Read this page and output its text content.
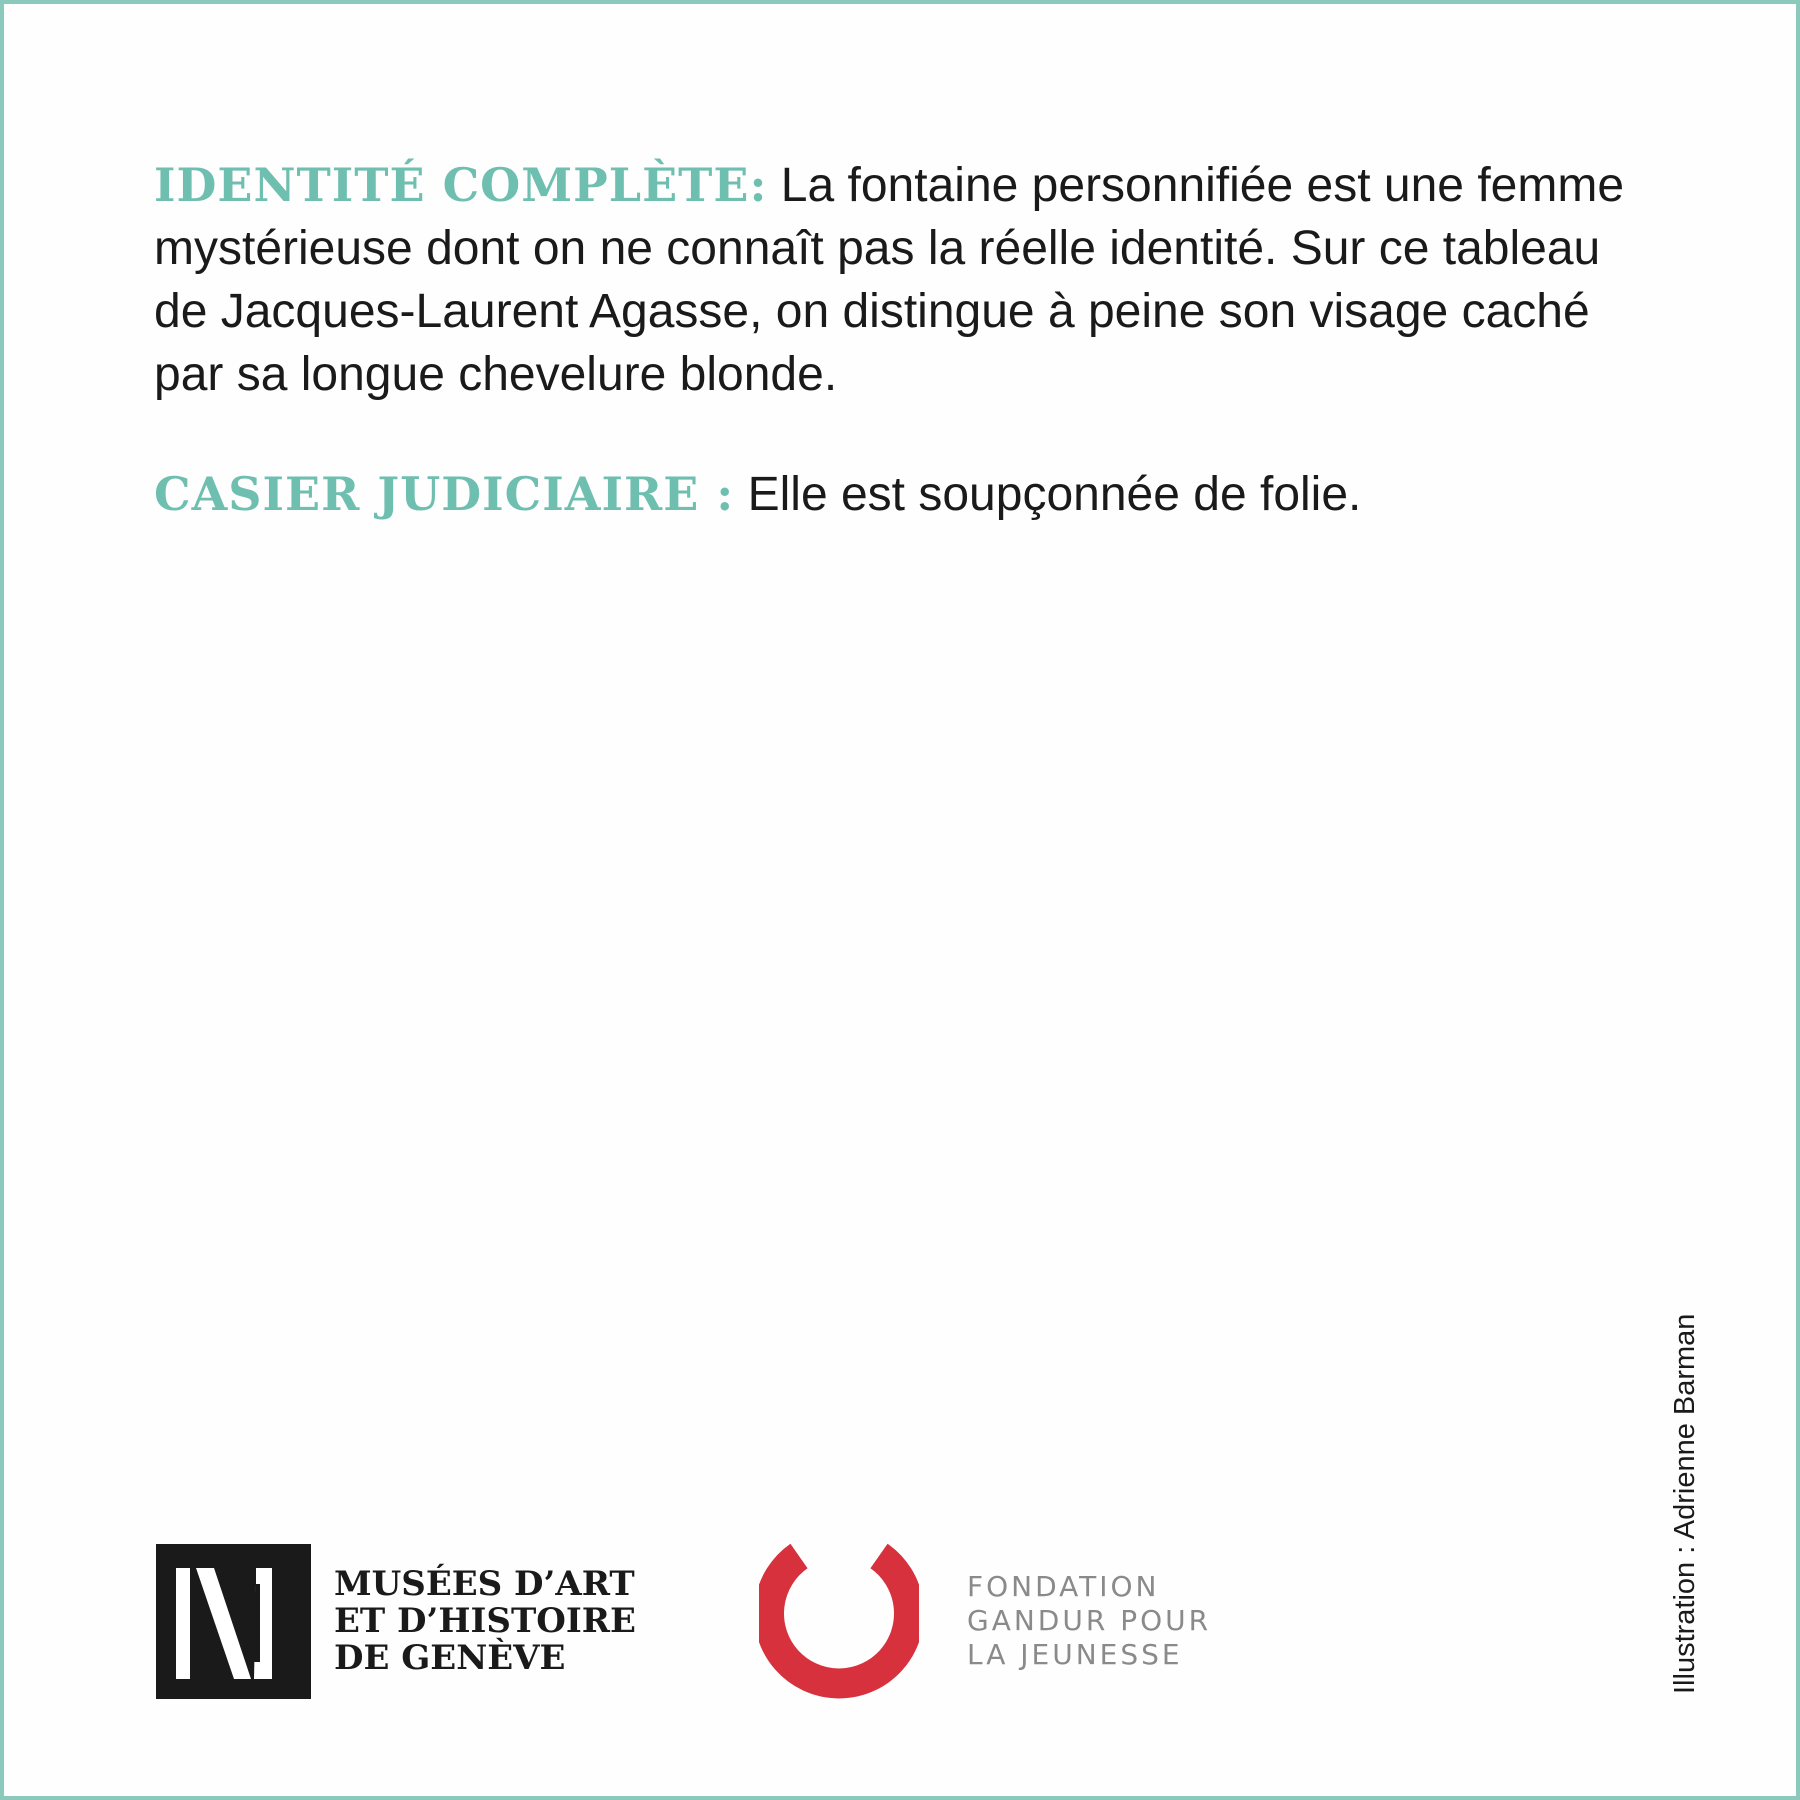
IDENTITÉ COMPLÈTE: La fontaine personnifiée est une femme mystérieuse dont on ne connaît pas la réelle identité. Sur ce tableau de Jacques-Laurent Agasse, on distingue à peine son visage caché par sa longue chevelure blonde.

CASIER JUDICIAIRE : Elle est soupçonnée de folie.

Illustration : Adrienne Barman
MUSÉES D’ART
ET D’HISTOIRE
DE GENÈVE
FONDATION
GANDUR POUR
LA JEUNESSE
